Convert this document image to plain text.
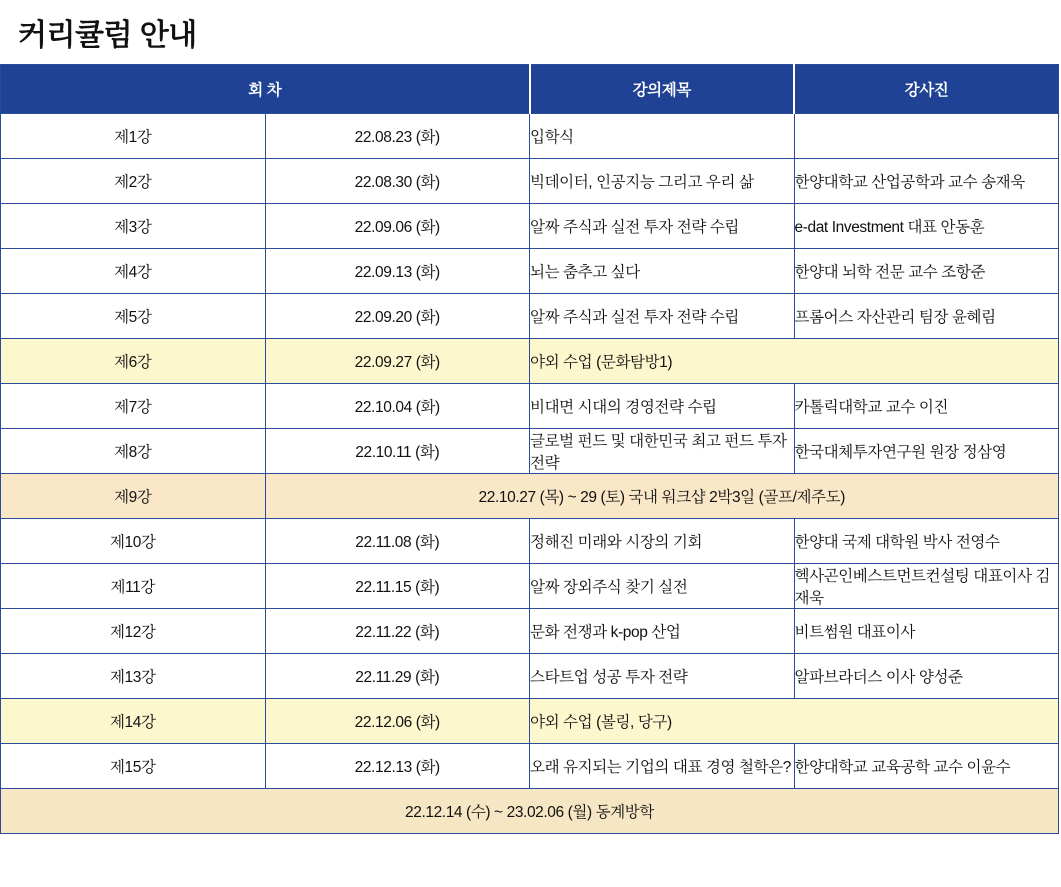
커리큘럼 안내
회 차		강의제목	강사진
제1강	22.08.23 (화)	입학식	
제2강	22.08.30 (화)	빅데이터, 인공지능 그리고 우리 삶	한양대학교 산업공학과 교수 송재욱
제3강	22.09.06 (화)	알짜 주식과 실전 투자 전략 수립	e-dat Investment 대표 안동훈
제4강	22.09.13 (화)	뇌는 춤추고 싶다	한양대 뇌학 전문 교수 조항준
제5강	22.09.20 (화)	알짜 주식과 실전 투자 전략 수립	프롬어스 자산관리 팀장 윤혜림
제6강	22.09.27 (화)	야외 수업 (문화탐방1)	
제7강	22.10.04 (화)	비대면 시대의 경영전략 수립	카톨릭대학교 교수 이진
제8강	22.10.11 (화)	글로벌 펀드 및 대한민국 최고 펀드 투자 전략	한국대체투자연구원 원장 정삼영
제9강	22.10.27 (목) ~ 29 (토) 국내 워크샵 2박3일 (골프/제주도)		
제10강	22.11.08 (화)	정해진 미래와 시장의 기회	한양대 국제 대학원 박사 전영수
제11강	22.11.15 (화)	알짜 장외주식 찾기 실전	헥사곤인베스트먼트컨설팅 대표이사 김재욱
제12강	22.11.22 (화)	문화 전쟁과 k-pop 산업	비트썸원 대표이사
제13강	22.11.29 (화)	스타트업 성공 투자 전략	알파브라더스 이사 양성준
제14강	22.12.06 (화)	야외 수업 (볼링, 당구)	
제15강	22.12.13 (화)	오래 유지되는 기업의 대표 경영 철학은?	한양대학교 교육공학 교수 이윤수
22.12.14 (수) ~ 23.02.06 (월) 동계방학			
